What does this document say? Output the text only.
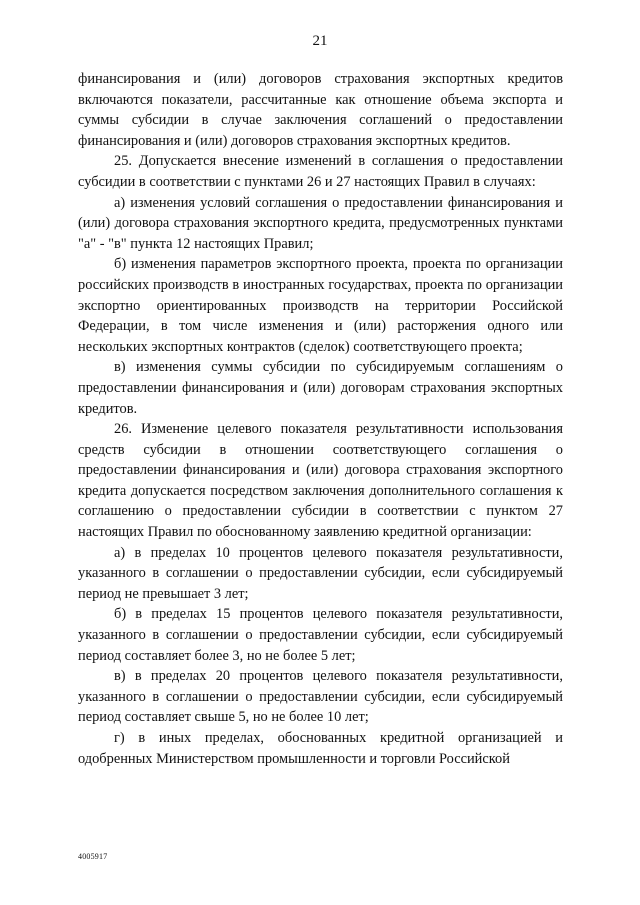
21

финансирования и (или) договоров страхования экспортных кредитов включаются показатели, рассчитанные как отношение объема экспорта и суммы субсидии в случае заключения соглашений о предоставлении финансирования и (или) договоров страхования экспортных кредитов.

25. Допускается внесение изменений в соглашения о предоставлении субсидии в соответствии с пунктами 26 и 27 настоящих Правил в случаях:

а) изменения условий соглашения о предоставлении финансирования и (или) договора страхования экспортного кредита, предусмотренных пунктами "а" - "в" пункта 12 настоящих Правил;

б) изменения параметров экспортного проекта, проекта по организации российских производств в иностранных государствах, проекта по организации экспортно ориентированных производств на территории Российской Федерации, в том числе изменения и (или) расторжения одного или нескольких экспортных контрактов (сделок) соответствующего проекта;

в) изменения суммы субсидии по субсидируемым соглашениям о предоставлении финансирования и (или) договорам страхования экспортных кредитов.

26. Изменение целевого показателя результативности использования средств субсидии в отношении соответствующего соглашения о предоставлении финансирования и (или) договора страхования экспортного кредита допускается посредством заключения дополнительного соглашения к соглашению о предоставлении субсидии в соответствии с пунктом 27 настоящих Правил по обоснованному заявлению кредитной организации:

а) в пределах 10 процентов целевого показателя результативности, указанного в соглашении о предоставлении субсидии, если субсидируемый период не превышает 3 лет;

б) в пределах 15 процентов целевого показателя результативности, указанного в соглашении о предоставлении субсидии, если субсидируемый период составляет более 3, но не более 5 лет;

в) в пределах 20 процентов целевого показателя результативности, указанного в соглашении о предоставлении субсидии, если субсидируемый период составляет свыше 5, но не более 10 лет;

г) в иных пределах, обоснованных кредитной организацией и одобренных Министерством промышленности и торговли Российской

4005917
